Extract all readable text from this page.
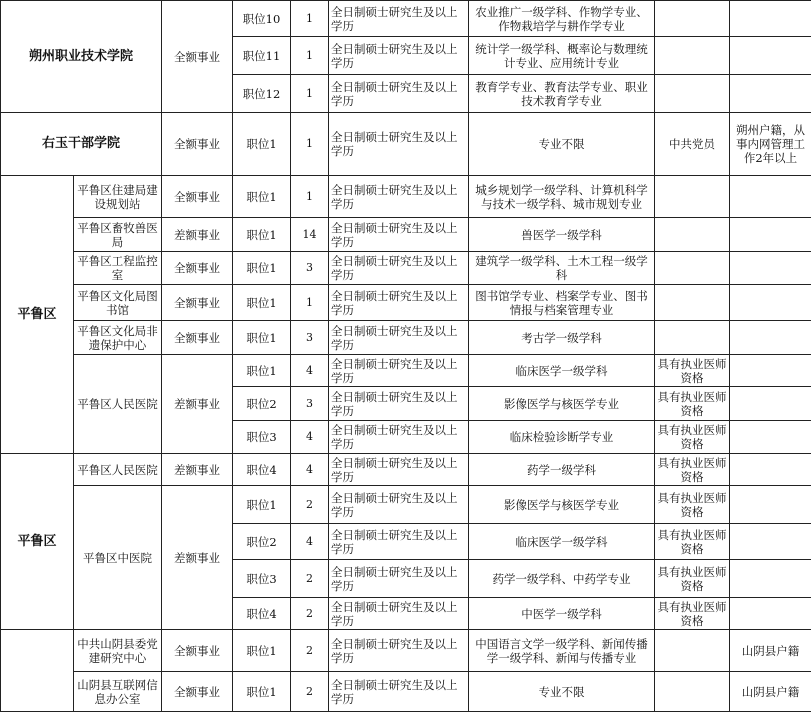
朔州职业技术学院		全额事业	职位10	1	全日制硕士研究生及以上学历	农业推广一级学科、作物学专业、作物栽培学与耕作学专业		
			职位11	1	全日制硕士研究生及以上学历	统计学一级学科、概率论与数理统计专业、应用统计专业		
			职位12	1	全日制硕士研究生及以上学历	教育学专业、教育法学专业、职业技术教育学专业		
右玉干部学院		全额事业	职位1	1	全日制硕士研究生及以上学历	专业不限	中共党员	朔州户籍，从事内网管理工作2年以上
平鲁区	平鲁区住建局建设规划站	全额事业	职位1	1	全日制硕士研究生及以上学历	城乡规划学一级学科、计算机科学与技术一级学科、城市规划专业		
	平鲁区畜牧兽医局	差额事业	职位1	14	全日制硕士研究生及以上学历	兽医学一级学科		
	平鲁区工程监控室	全额事业	职位1	3	全日制硕士研究生及以上学历	建筑学一级学科、土木工程一级学科		
	平鲁区文化局图书馆	全额事业	职位1	1	全日制硕士研究生及以上学历	图书馆学专业、档案学专业、图书情报与档案管理专业		
	平鲁区文化局非遗保护中心	全额事业	职位1	3	全日制硕士研究生及以上学历	考古学一级学科		
	平鲁区人民医院	差额事业	职位1	4	全日制硕士研究生及以上学历	临床医学一级学科	具有执业医师资格	
			职位2	3	全日制硕士研究生及以上学历	影像医学与核医学专业	具有执业医师资格	
			职位3	4	全日制硕士研究生及以上学历	临床检验诊断学专业	具有执业医师资格	
平鲁区	平鲁区人民医院	差额事业	职位4	4	全日制硕士研究生及以上学历	药学一级学科	具有执业医师资格	
	平鲁区中医院	差额事业	职位1	2	全日制硕士研究生及以上学历	影像医学与核医学专业	具有执业医师资格	
			职位2	4	全日制硕士研究生及以上学历	临床医学一级学科	具有执业医师资格	
			职位3	2	全日制硕士研究生及以上学历	药学一级学科、中药学专业	具有执业医师资格	
			职位4	2	全日制硕士研究生及以上学历	中医学一级学科	具有执业医师资格	
	中共山阴县委党建研究中心	全额事业	职位1	2	全日制硕士研究生及以上学历	中国语言文学一级学科、新闻传播学一级学科、新闻与传播专业		山阴县户籍
	山阴县互联网信息办公室	全额事业	职位1	2	全日制硕士研究生及以上学历	专业不限		山阴县户籍
